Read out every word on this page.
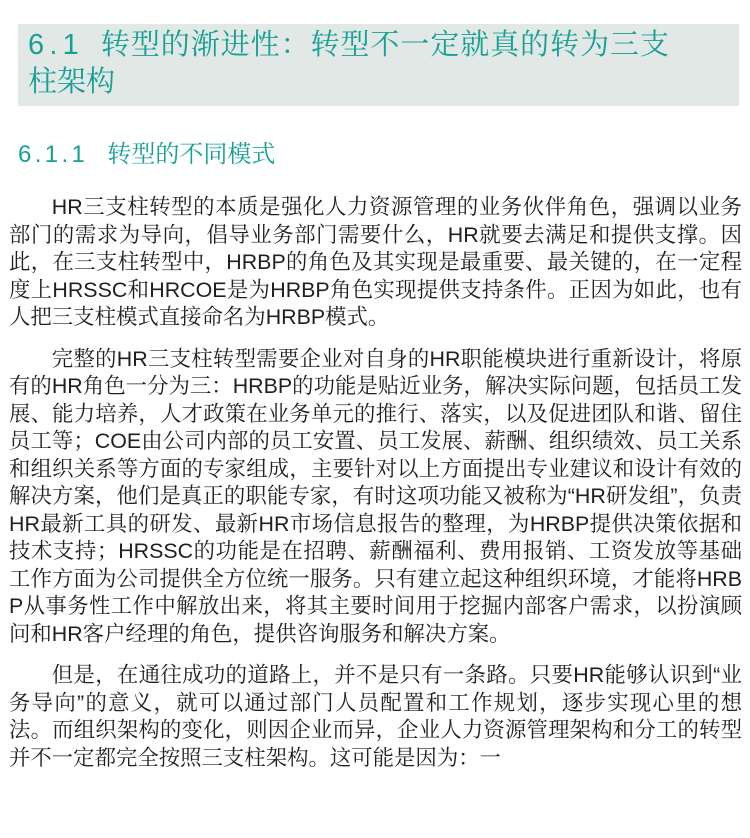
6.1 转型的渐进性：转型不一定就真的转为三支柱架构
6.1.1 转型的不同模式

HR三支柱转型的本质是强化人力资源管理的业务伙伴角色，强调以业务部门的需求为导向，倡导业务部门需要什么，HR就要去满足和提供支撑。因此，在三支柱转型中，HRBP的角色及其实现是最重要、最关键的，在一定程度上HRSSC和HRCOE是为HRBP角色实现提供支持条件。正因为如此，也有人把三支柱模式直接命名为HRBP模式。

完整的HR三支柱转型需要企业对自身的HR职能模块进行重新设计，将原有的HR角色一分为三：HRBP的功能是贴近业务，解决实际问题，包括员工发展、能力培养，人才政策在业务单元的推行、落实，以及促进团队和谐、留住员工等；COE由公司内部的员工安置、员工发展、薪酬、组织绩效、员工关系和组织关系等方面的专家组成，主要针对以上方面提出专业建议和设计有效的解决方案，他们是真正的职能专家，有时这项功能又被称为“HR研发组”，负责HR最新工具的研发、最新HR市场信息报告的整理，为HRBP提供决策依据和技术支持；HRSSC的功能是在招聘、薪酬福利、费用报销、工资发放等基础工作方面为公司提供全方位统一服务。只有建立起这种组织环境，才能将HRBP从事务性工作中解放出来，将其主要时间用于挖掘内部客户需求，以扮演顾问和HR客户经理的角色，提供咨询服务和解决方案。

但是，在通往成功的道路上，并不是只有一条路。只要HR能够认识到“业务导向”的意义，就可以通过部门人员配置和工作规划，逐步实现心里的想法。而组织架构的变化，则因企业而异，企业人力资源管理架构和分工的转型并不一定都完全按照三支柱架构。这可能是因为：一
